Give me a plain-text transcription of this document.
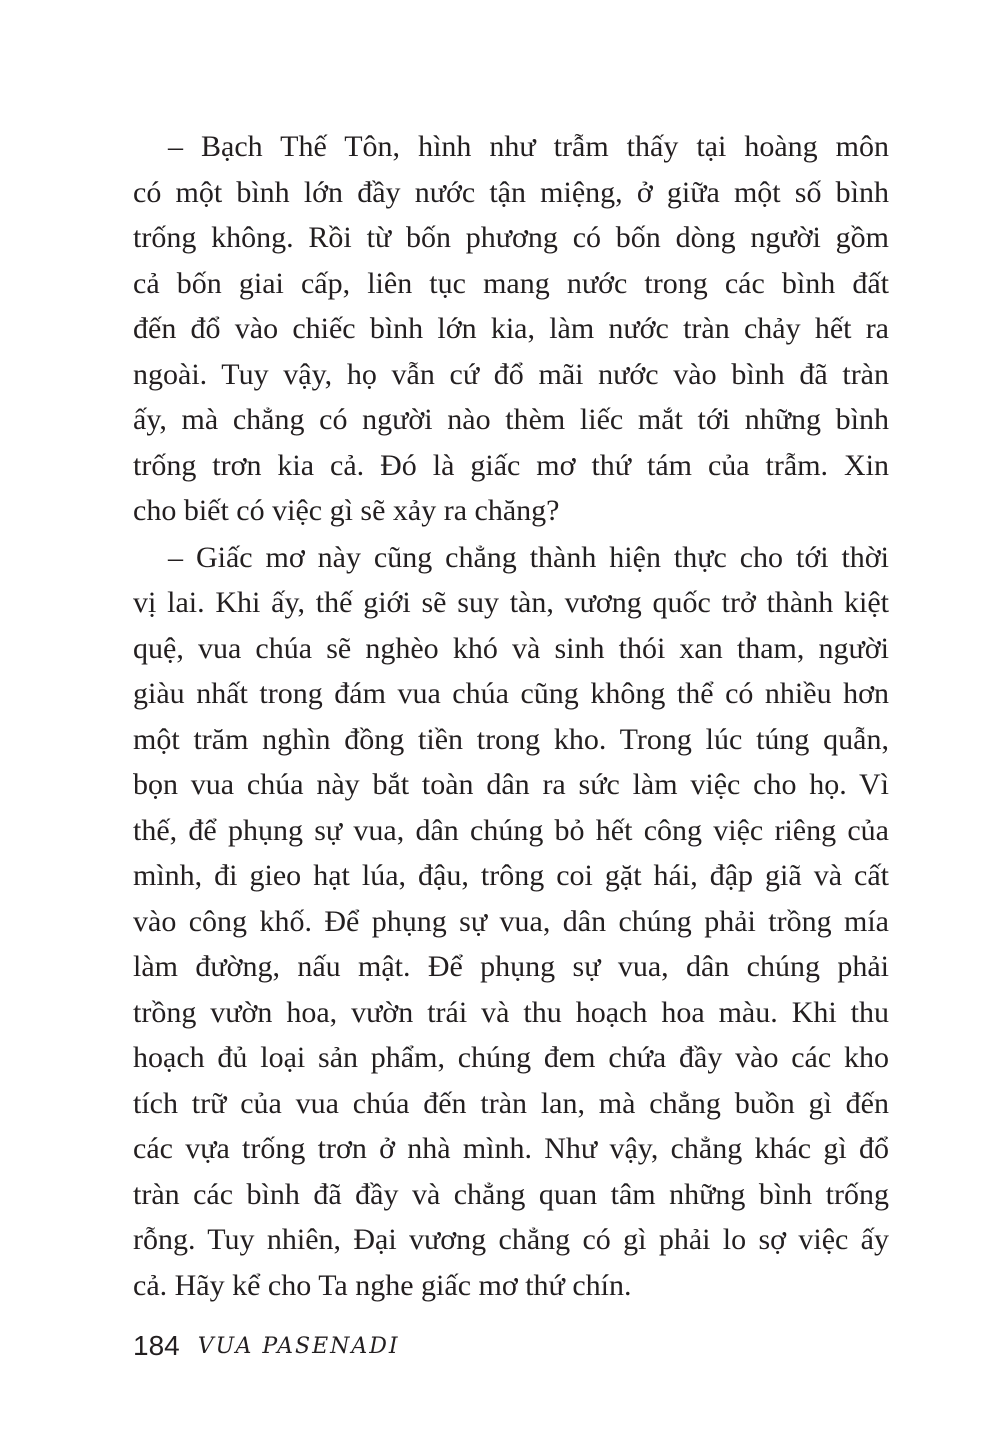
– Bạch Thế Tôn, hình như trẫm thấy tại hoàng môn
có một bình lớn đầy nước tận miệng, ở giữa một số bình
trống không. Rồi từ bốn phương có bốn dòng người gồm
cả bốn giai cấp, liên tục mang nước trong các bình đất
đến đổ vào chiếc bình lớn kia, làm nước tràn chảy hết ra
ngoài. Tuy vậy, họ vẫn cứ đổ mãi nước vào bình đã tràn
ấy, mà chẳng có người nào thèm liếc mắt tới những bình
trống trơn kia cả. Đó là giấc mơ thứ tám của trẫm. Xin
cho biết có việc gì sẽ xảy ra chăng?
– Giấc mơ này cũng chẳng thành hiện thực cho tới thời
vị lai. Khi ấy, thế giới sẽ suy tàn, vương quốc trở thành kiệt
quệ, vua chúa sẽ nghèo khó và sinh thói xan tham, người
giàu nhất trong đám vua chúa cũng không thể có nhiều hơn
một trăm nghìn đồng tiền trong kho. Trong lúc túng quẫn,
bọn vua chúa này bắt toàn dân ra sức làm việc cho họ. Vì
thế, để phụng sự vua, dân chúng bỏ hết công việc riêng của
mình, đi gieo hạt lúa, đậu, trông coi gặt hái, đập giã và cất
vào công khố. Để phụng sự vua, dân chúng phải trồng mía
làm đường, nấu mật. Để phụng sự vua, dân chúng phải
trồng vườn hoa, vườn trái và thu hoạch hoa màu. Khi thu
hoạch đủ loại sản phẩm, chúng đem chứa đầy vào các kho
tích trữ của vua chúa đến tràn lan, mà chẳng buồn gì đến
các vựa trống trơn ở nhà mình. Như vậy, chẳng khác gì đổ
tràn các bình đã đầy và chẳng quan tâm những bình trống
rỗng. Tuy nhiên, Đại vương chẳng có gì phải lo sợ việc ấy
cả. Hãy kể cho Ta nghe giấc mơ thứ chín.
184 VUA PASENADI
